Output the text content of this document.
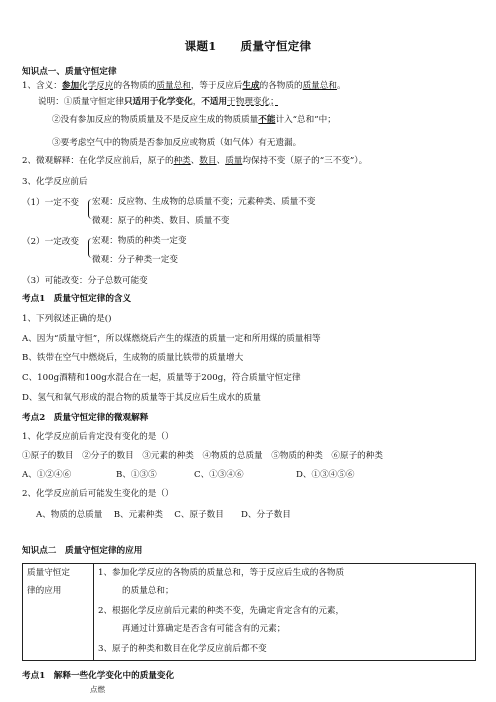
课题1 质量守恒定律
知识点一、质量守恒定律
1、含义：参加化学反应的各物质的质量总和，等于反应后生成的各物质的质量总和。
说明：①质量守恒定律只适用于化学变化，不适用于物理变化；
②没有参加反应的物质质量及不是反应生成的物质质量不能计入“总和”中；
③要考虑空气中的物质是否参加反应或物质（如气体）有无遗漏。
2、微观解释：在化学反应前后，原子的种类、数目、质量均保持不变（原子的“三不变”）。
3、化学反应前后
（1）一定不变 宏观：反应物、生成物的总质量不变；元素种类、质量不变
微观：原子的种类、数目、质量不变
（2）一定改变 宏观：物质的种类一定变
微观：分子种类一定变
（3）可能改变：分子总数可能变
考点1　质量守恒定律的含义
1、下列叙述正确的是()
A、因为“质量守恒”，所以煤燃烧后产生的煤渣的质量一定和所用煤的质量相等
B、铁带在空气中燃烧后，生成物的质量比铁带的质量增大
C、100g酒精和100g水混合在一起，质量等于200g，符合质量守恒定律
D、氢气和氧气形成的混合物的质量等于其反应后生成水的质量
考点2　质量守恒定律的微观解释
1、化学反应前后肯定没有变化的是（）
①原子的数目　②分子的数目　③元素的种类　④物质的总质量　⑤物质的种类　⑥原子的种类
A、①②④⑥	B、①③⑤	C、①③④⑥	D、①③④⑤⑥
2、化学反应前后可能发生变化的是（）
A、物质的总质量　 B、元素种类　 C、原子数目　　D、分子数目
知识点二　质量守恒定律的应用
质量守恒定
律的应用

1、参加化学反应的各物质的质量总和，等于反应后生成的各物质
的质量总和；
2、根据化学反应前后元素的种类不变，先确定肯定含有的元素，
再通过计算确定是否含有可能含有的元素；
3、原子的种类和数目在化学反应前后都不变
考点1　解释一些化学变化中的质量变化
点燃
